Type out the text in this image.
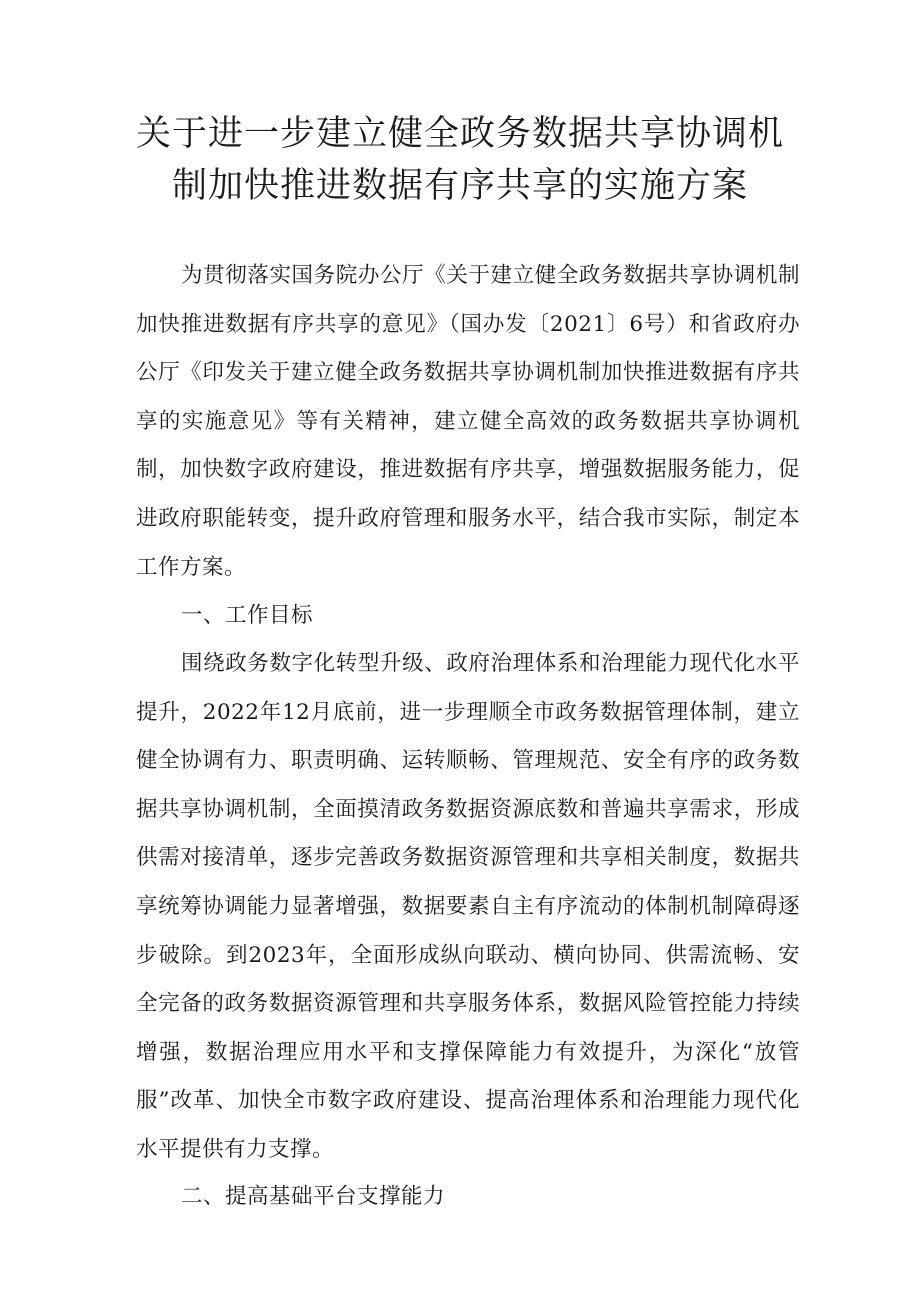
关于进一步建立健全政务数据共享协调机
制加快推进数据有序共享的实施方案

为贯彻落实国务院办公厅《关于建立健全政务数据共享协调机制加快推进数据有序共享的意见》（国办发〔2021〕6号）和省政府办公厅《印发关于建立健全政务数据共享协调机制加快推进数据有序共享的实施意见》等有关精神，建立健全高效的政务数据共享协调机制，加快数字政府建设，推进数据有序共享，增强数据服务能力，促进政府职能转变，提升政府管理和服务水平，结合我市实际，制定本工作方案。

一、工作目标

围绕政务数字化转型升级、政府治理体系和治理能力现代化水平提升，2022年12月底前，进一步理顺全市政务数据管理体制，建立健全协调有力、职责明确、运转顺畅、管理规范、安全有序的政务数据共享协调机制，全面摸清政务数据资源底数和普遍共享需求，形成供需对接清单，逐步完善政务数据资源管理和共享相关制度，数据共享统筹协调能力显著增强，数据要素自主有序流动的体制机制障碍逐步破除。到2023年，全面形成纵向联动、横向协同、供需流畅、安全完备的政务数据资源管理和共享服务体系，数据风险管控能力持续增强，数据治理应用水平和支撑保障能力有效提升，为深化“放管服”改革、加快全市数字政府建设、提高治理体系和治理能力现代化水平提供有力支撑。

二、提高基础平台支撑能力
